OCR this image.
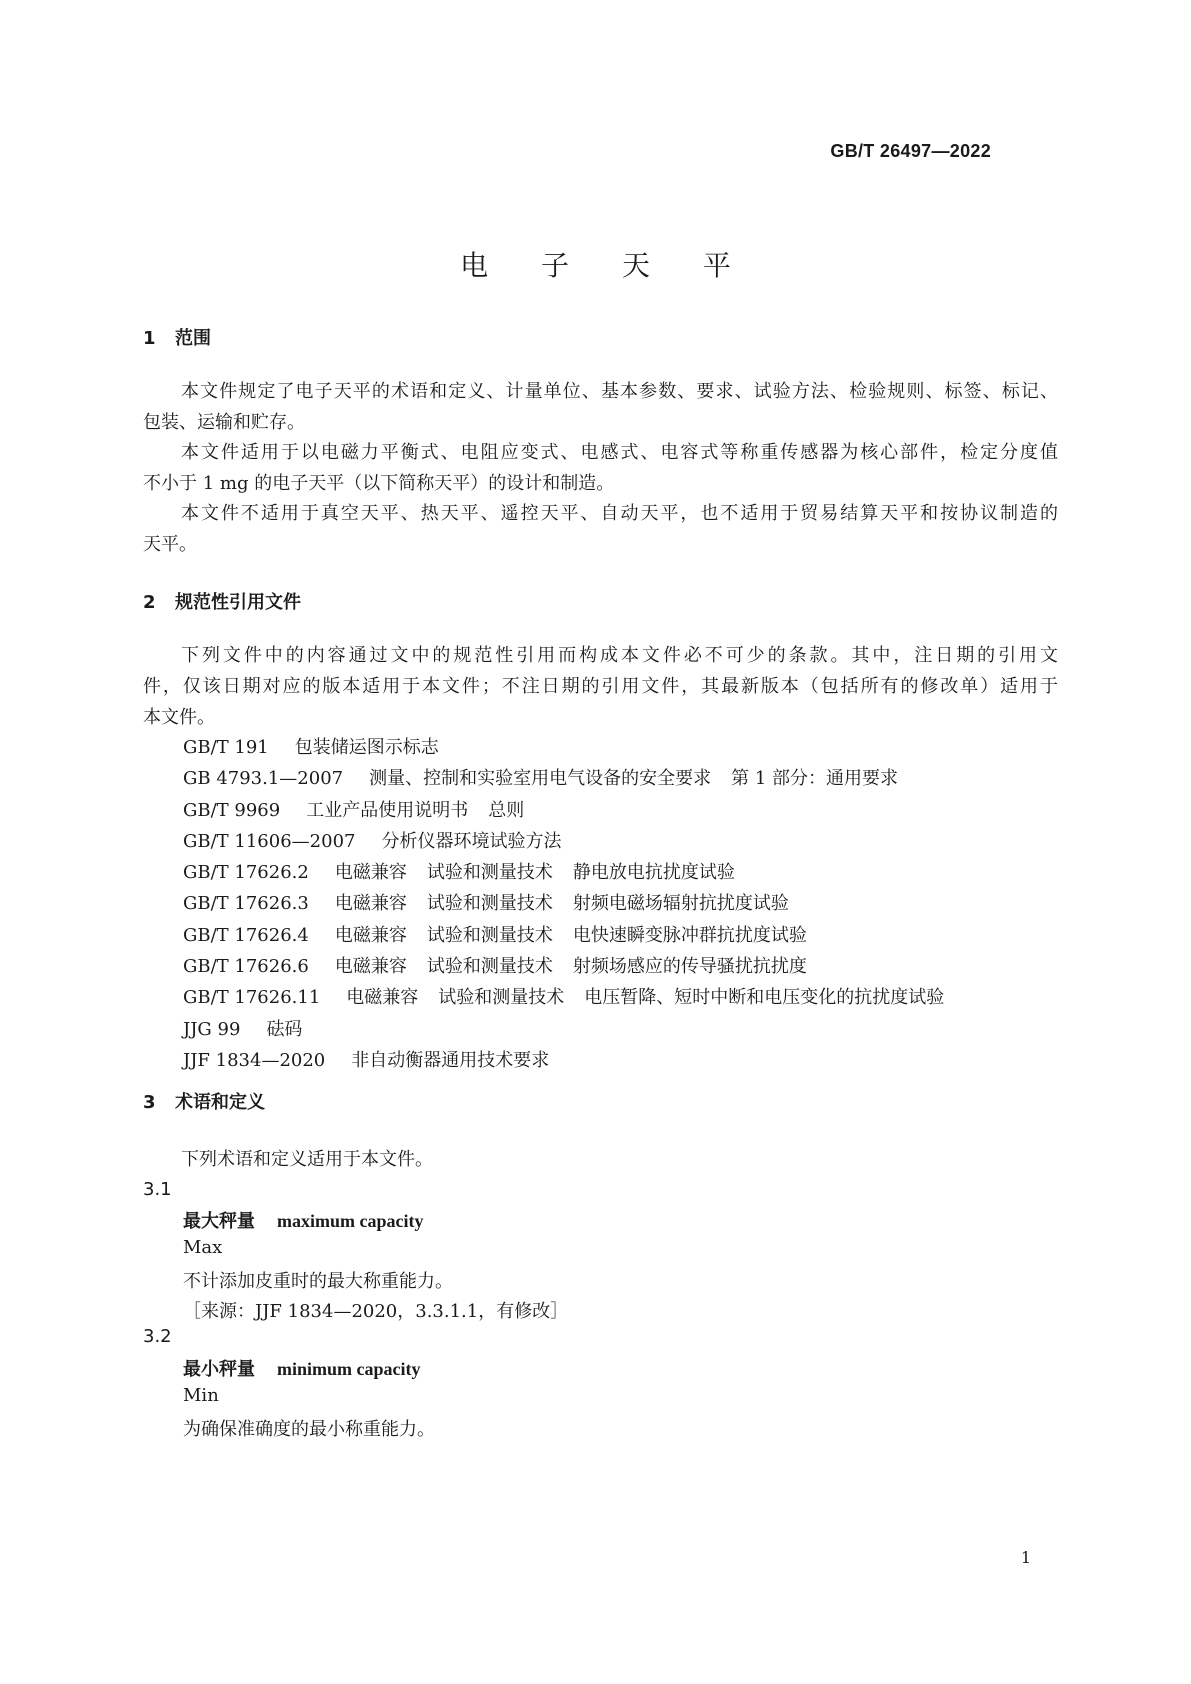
GB/T 26497—2022
电 子 天 平
1 范围
本文件规定了电子天平的术语和定义、计量单位、基本参数、要求、试验方法、检验规则、标签、标记、
包装、运输和贮存。
本文件适用于以电磁力平衡式、电阻应变式、电感式、电容式等称重传感器为核心部件，检定分度值
不小于 1 mg 的电子天平（以下简称天平）的设计和制造。
本文件不适用于真空天平、热天平、遥控天平、自动天平，也不适用于贸易结算天平和按协议制造的
天平。
2 规范性引用文件
下列文件中的内容通过文中的规范性引用而构成本文件必不可少的条款。其中，注日期的引用文
件，仅该日期对应的版本适用于本文件；不注日期的引用文件，其最新版本（包括所有的修改单）适用于
本文件。
GB/T 191 包装储运图示标志
GB 4793.1—2007 测量、控制和实验室用电气设备的安全要求 第 1 部分：通用要求
GB/T 9969 工业产品使用说明书 总则
GB/T 11606—2007 分析仪器环境试验方法
GB/T 17626.2 电磁兼容 试验和测量技术 静电放电抗扰度试验
GB/T 17626.3 电磁兼容 试验和测量技术 射频电磁场辐射抗扰度试验
GB/T 17626.4 电磁兼容 试验和测量技术 电快速瞬变脉冲群抗扰度试验
GB/T 17626.6 电磁兼容 试验和测量技术 射频场感应的传导骚扰抗扰度
GB/T 17626.11 电磁兼容 试验和测量技术 电压暂降、短时中断和电压变化的抗扰度试验
JJG 99 砝码
JJF 1834—2020 非自动衡器通用技术要求
3 术语和定义
下列术语和定义适用于本文件。
3.1
最大秤量 maximum capacity
Max
不计添加皮重时的最大称重能力。
［来源：JJF 1834—2020，3.3.1.1，有修改］
3.2
最小秤量 minimum capacity
Min
为确保准确度的最小称重能力。
1
